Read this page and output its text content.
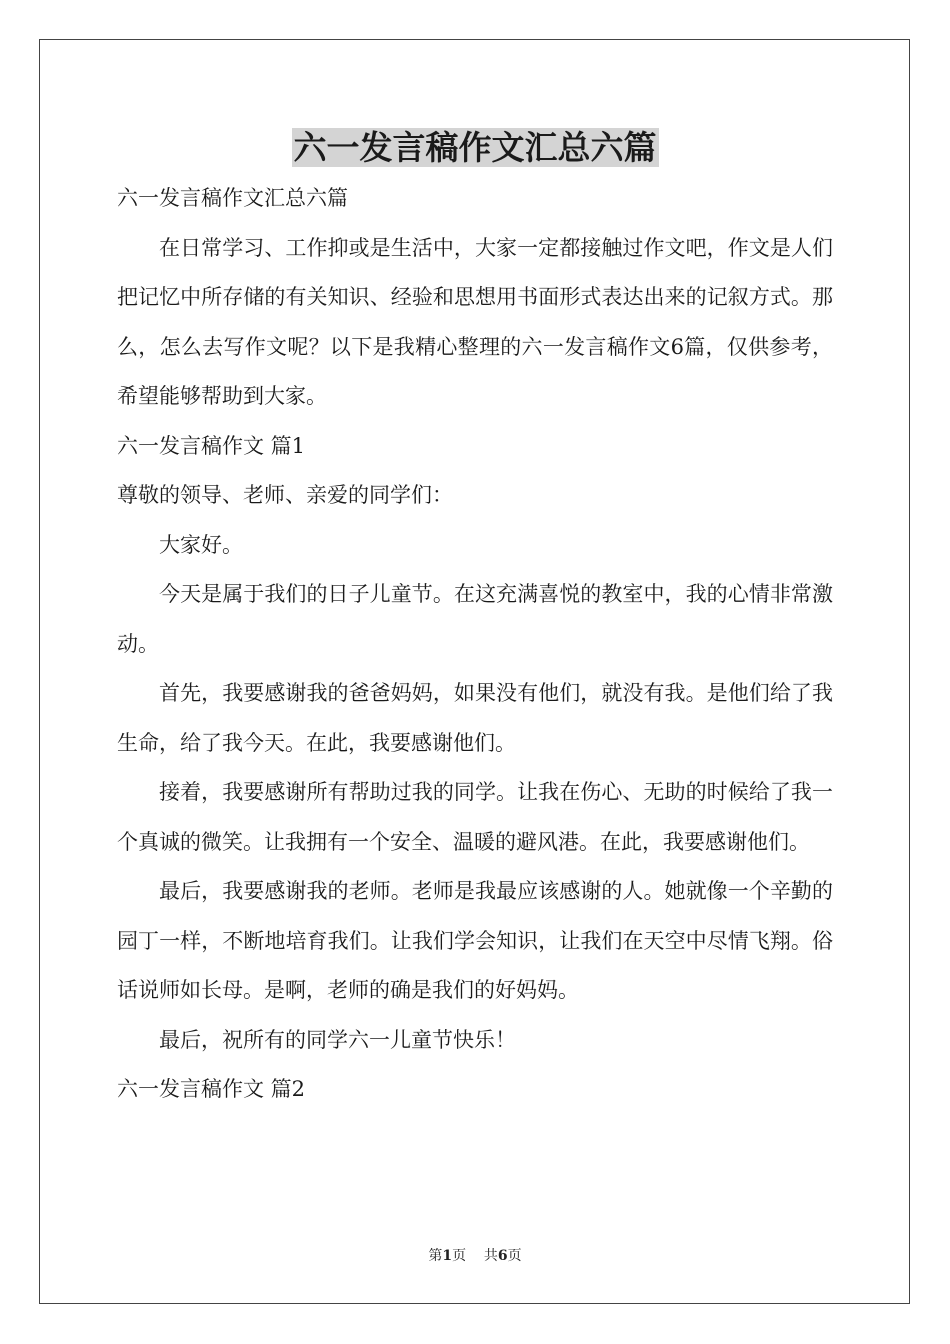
六一发言稿作文汇总六篇

六一发言稿作文汇总六篇

在日常学习、工作抑或是生活中，大家一定都接触过作文吧，作文是人们把记忆中所存储的有关知识、经验和思想用书面形式表达出来的记叙方式。那么，怎么去写作文呢？以下是我精心整理的六一发言稿作文6篇，仅供参考，希望能够帮助到大家。

六一发言稿作文 篇1

尊敬的领导、老师、亲爱的同学们：

大家好。

今天是属于我们的日子儿童节。在这充满喜悦的教室中，我的心情非常激动。

首先，我要感谢我的爸爸妈妈，如果没有他们，就没有我。是他们给了我生命，给了我今天。在此，我要感谢他们。

接着，我要感谢所有帮助过我的同学。让我在伤心、无助的时候给了我一个真诚的微笑。让我拥有一个安全、温暖的避风港。在此，我要感谢他们。

最后，我要感谢我的老师。老师是我最应该感谢的人。她就像一个辛勤的园丁一样，不断地培育我们。让我们学会知识，让我们在天空中尽情飞翔。俗话说师如长母。是啊，老师的确是我们的好妈妈。

最后，祝所有的同学六一儿童节快乐！

六一发言稿作文 篇2

第1页 共6页
